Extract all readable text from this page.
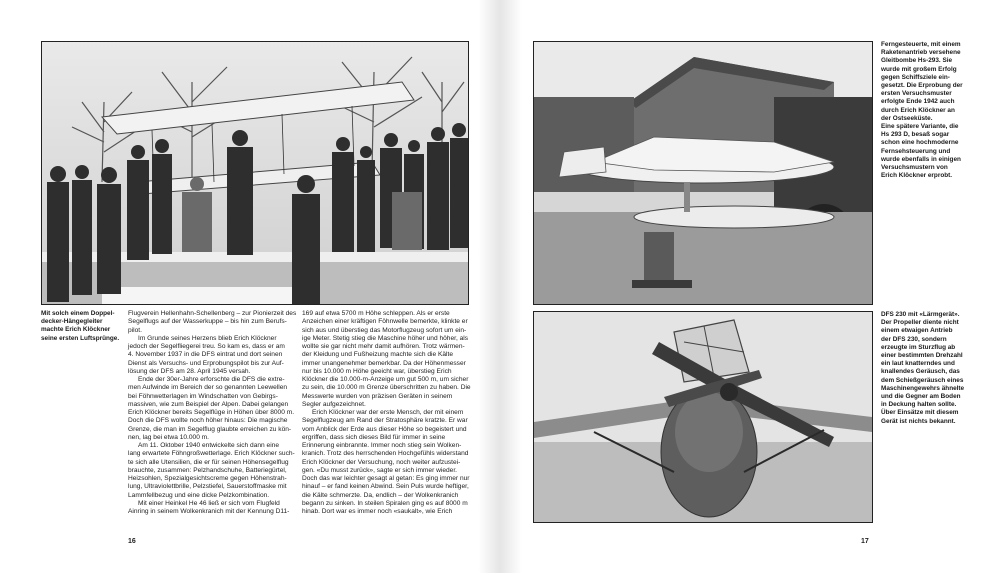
Mit solch einem Doppel-
decker-Hängegleiter
machte Erich Klöckner
seine ersten Luftsprünge.

Flugverein Hellenhahn-Schellenberg – zur Pionierzeit des
Segelflugs auf der Wasserkuppe – bis hin zum Berufs-
pilot.
Im Grunde seines Herzens blieb Erich Klöckner
jedoch der Segelfliegerei treu. So kam es, dass er am
4. November 1937 in die DFS eintrat und dort seinen
Dienst als Versuchs- und Erprobungspilot bis zur Auf-
lösung der DFS am 28. April 1945 versah.
Ende der 30er-Jahre erforschte die DFS die extre-
men Aufwinde im Bereich der so genannten Leewellen
bei Föhnwetterlagen im Windschatten von Gebirgs-
massiven, wie zum Beispiel der Alpen. Dabei gelangen
Erich Klöckner bereits Segelflüge in Höhen über 8000 m.
Doch die DFS wollte noch höher hinaus: Die magische
Grenze, die man im Segelflug glaubte erreichen zu kön-
nen, lag bei etwa 10.000 m.
Am 11. Oktober 1940 entwickelte sich dann eine
lang erwartete Föhngroßwetterlage. Erich Klöckner such-
te sich alle Utensilien, die er für seinen Höhensegelflug
brauchte, zusammen: Pelzhandschuhe, Batteriegürtel,
Heizsohlen, Spezialgesichtscreme gegen Höhenstrah-
lung, Ultraviolettbrille, Pelzstiefel, Sauerstoffmaske mit
Lammfellbezug und eine dicke Pelzkombination.
Mit einer Heinkel He 46 ließ er sich vom Flugfeld
Ainring in seinem Wolkenkranich mit der Kennung D11-
169 auf etwa 5700 m Höhe schleppen. Als er erste
Anzeichen einer kräftigen Föhnwelle bemerkte, klinkte er
sich aus und überstieg das Motorflugzeug sofort um ein-
ige Meter. Stetig stieg die Maschine höher und höher, als
wollte sie gar nicht mehr damit aufhören. Trotz wärmen-
der Kleidung und Fußheizung machte sich die Kälte
immer unangenehmer bemerkbar. Da der Höhenmesser
nur bis 10.000 m Höhe geeicht war, überstieg Erich
Klöckner die 10.000-m-Anzeige um gut 500 m, um sicher
zu sein, die 10.000 m Grenze überschritten zu haben. Die
Messwerte wurden von präzisen Geräten in seinem
Segler aufgezeichnet.
Erich Klöckner war der erste Mensch, der mit einem
Segelflugzeug am Rand der Stratosphäre kratzte. Er war
vom Anblick der Erde aus dieser Höhe so begeistert und
ergriffen, dass sich dieses Bild für immer in seine
Erinnerung einbrannte. Immer noch stieg sein Wolken-
kranich. Trotz des herrschenden Hochgefühls widerstand
Erich Klöckner der Versuchung, noch weiter aufzustei-
gen. «Du musst zurück», sagte er sich immer wieder.
Doch das war leichter gesagt al getan: Es ging immer nur
hinauf – er fand keinen Abwind. Sein Puls wurde heftiger,
die Kälte schmerzte. Da, endlich – der Wolkenkranich
begann zu sinken. In steilen Spiralen ging es auf 8000 m
hinab. Dort war es immer noch «saukalt», wie Erich
16

Ferngesteuerte, mit einem
Raketenantrieb versehene
Gleitbombe Hs-293. Sie
wurde mit großem Erfolg
gegen Schiffsziele ein-
gesetzt. Die Erprobung der
ersten Versuchsmuster
erfolgte Ende 1942 auch
durch Erich Klöckner an
der Ostseeküste.
Eine spätere Variante, die
Hs 293 D, besaß sogar
schon eine hochmoderne
Fernsehsteuerung und
wurde ebenfalls in einigen
Versuchsmustern von
Erich Klöckner erprobt.

DFS 230 mit «Lärmgerät».
Der Propeller diente nicht
einem etwaigen Antrieb
der DFS 230, sondern
erzeugte im Sturzflug ab
einer bestimmten Drehzahl
ein laut knatterndes und
knallendes Geräusch, das
dem Schießgeräusch eines
Maschinengewehrs ähnelte
und die Gegner am Boden
in Deckung halten sollte.
Über Einsätze mit diesem
Gerät ist nichts bekannt.

17
